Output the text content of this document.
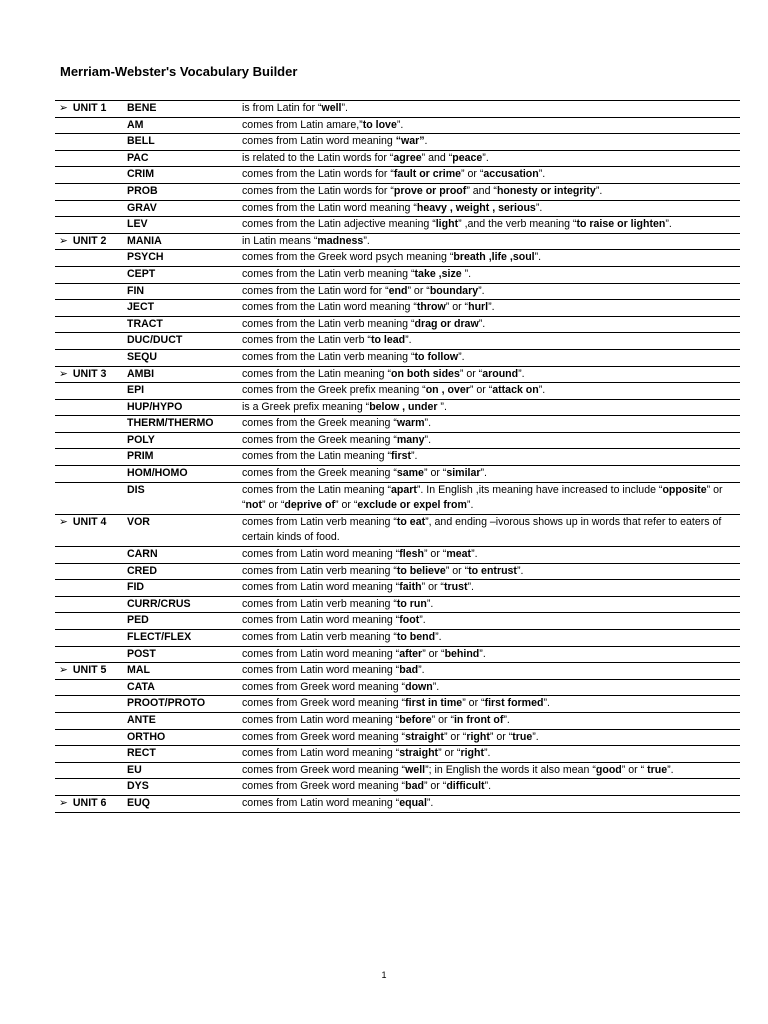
Merriam-Webster's Vocabulary Builder
➢ UNIT 1	BENE	is from Latin for “well”.
AM	comes from Latin amare,”to love”.
BELL	comes from Latin word meaning “war”.
PAC	is related to the Latin words for “agree” and “peace”.
CRIM	comes from the Latin words for “fault or crime” or “accusation”.
PROB	comes from the Latin words for “prove or proof” and “honesty or integrity”.
GRAV	comes from the Latin word meaning “heavy , weight , serious”.
LEV	comes from the Latin adjective meaning “light” ,and the verb meaning “to raise or lighten”.
➢ UNIT 2	MANIA	in Latin means “madness”.
PSYCH	comes from the Greek word psych meaning “breath ,life ,soul”.
CEPT	comes from the Latin verb meaning “take ,size ”.
FIN	comes from the Latin word for “end” or “boundary”.
JECT	comes from the Latin word meaning “throw” or “hurl”.
TRACT	comes from the Latin verb meaning “drag or draw”.
DUC/DUCT	comes from the Latin verb “to lead”.
SEQU	comes from the Latin verb meaning “to follow”.
➢ UNIT 3	AMBI	comes from the Latin meaning “on both sides” or “around”.
EPI	comes from the Greek prefix meaning “on , over” or “attack on”.
HUP/HYPO	is a Greek prefix meaning “below , under ”.
THERM/THERMO	comes from the Greek meaning “warm”.
POLY	comes from the Greek meaning “many”.
PRIM	comes from the Latin meaning “first”.
HOM/HOMO	comes from the Greek meaning “same” or “similar”.
DIS	comes from the Latin meaning “apart”. In English ,its meaning have increased to include “opposite” or “not” or “deprive of” or “exclude or expel from”.
➢ UNIT 4	VOR	comes from Latin verb meaning “to eat”, and ending –ivorous shows up in words that refer to eaters of certain kinds of food.
CARN	comes from Latin word meaning “flesh” or “meat”.
CRED	comes from Latin verb meaning “to believe” or “to entrust”.
FID	comes from Latin word meaning “faith” or “trust”.
CURR/CRUS	comes from Latin verb meaning “to run”.
PED	comes from Latin word meaning “foot”.
FLECT/FLEX	comes from Latin verb meaning “to bend”.
POST	comes from Latin word meaning “after” or “behind”.
➢ UNIT 5	MAL	comes from Latin word meaning “bad”.
CATA	comes from Greek word meaning “down”.
PROOT/PROTO	comes from Greek word meaning “first in time” or “first formed”.
ANTE	comes from Latin word meaning “before” or “in front of”.
ORTHO	comes from Greek word meaning “straight” or “right” or “true”.
RECT	comes from Latin word meaning “straight” or “right”.
EU	comes from Greek word meaning “well”; in English the words it also mean “good” or “ true”.
DYS	comes from Greek word meaning “bad” or “difficult”.
➢ UNIT 6	EUQ	comes from Latin word meaning “equal”.
1
